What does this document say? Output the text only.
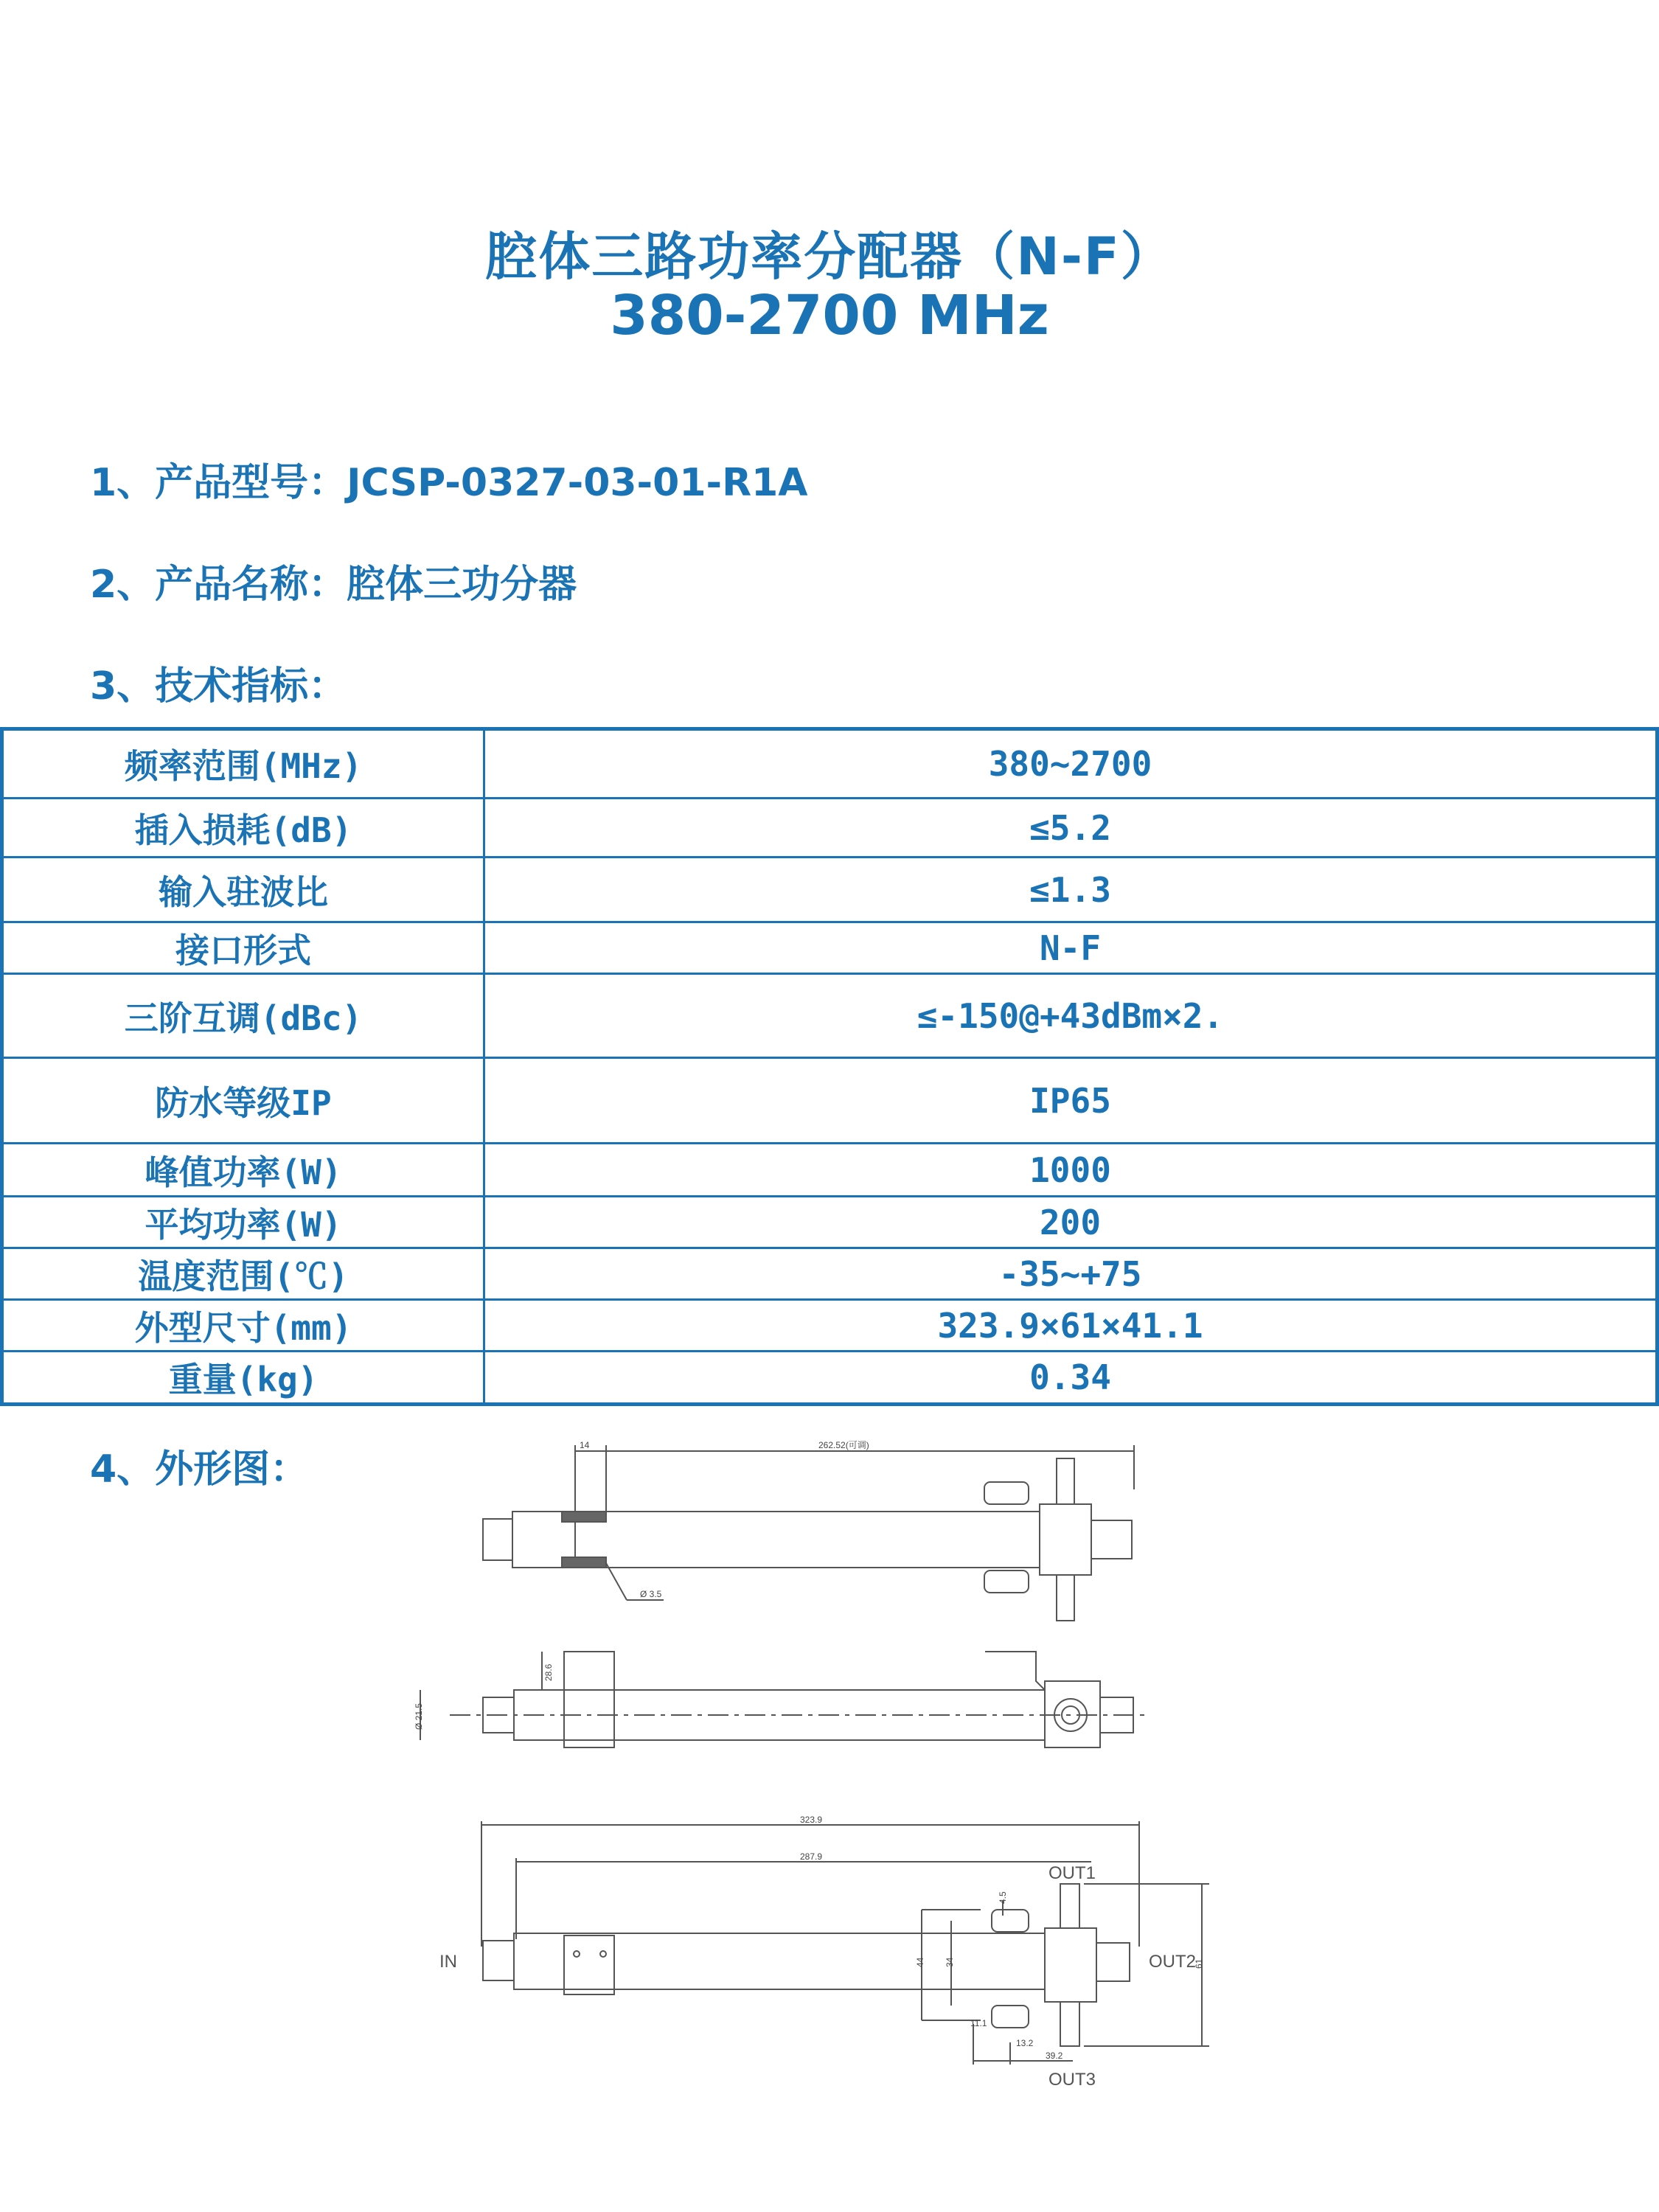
腔体三路功率分配器（N-F）
380-2700 MHz
1、产品型号：JCSP-0327-03-01-R1A
2、产品名称：腔体三功分器
3、技术指标：
频率范围(MHz)	380~2700
插入损耗(dB)	≤5.2
输入驻波比	≤1.3
接口形式	N-F
三阶互调(dBc)	≤-150@+43dBm×2.
防水等级IP	IP65
峰值功率(W)	1000
平均功率(W)	200
温度范围(℃)	-35~+75
外型尺寸(mm)	323.9×61×41.1
重量(kg)	0.34
4、外形图：
14	262.52(可调)
Ø 3.5
28.6
Ø 21.5
323.9
287.9
4.5
44 34	61
11.1
13.2
39.2
IN
OUT1
OUT2
OUT3
